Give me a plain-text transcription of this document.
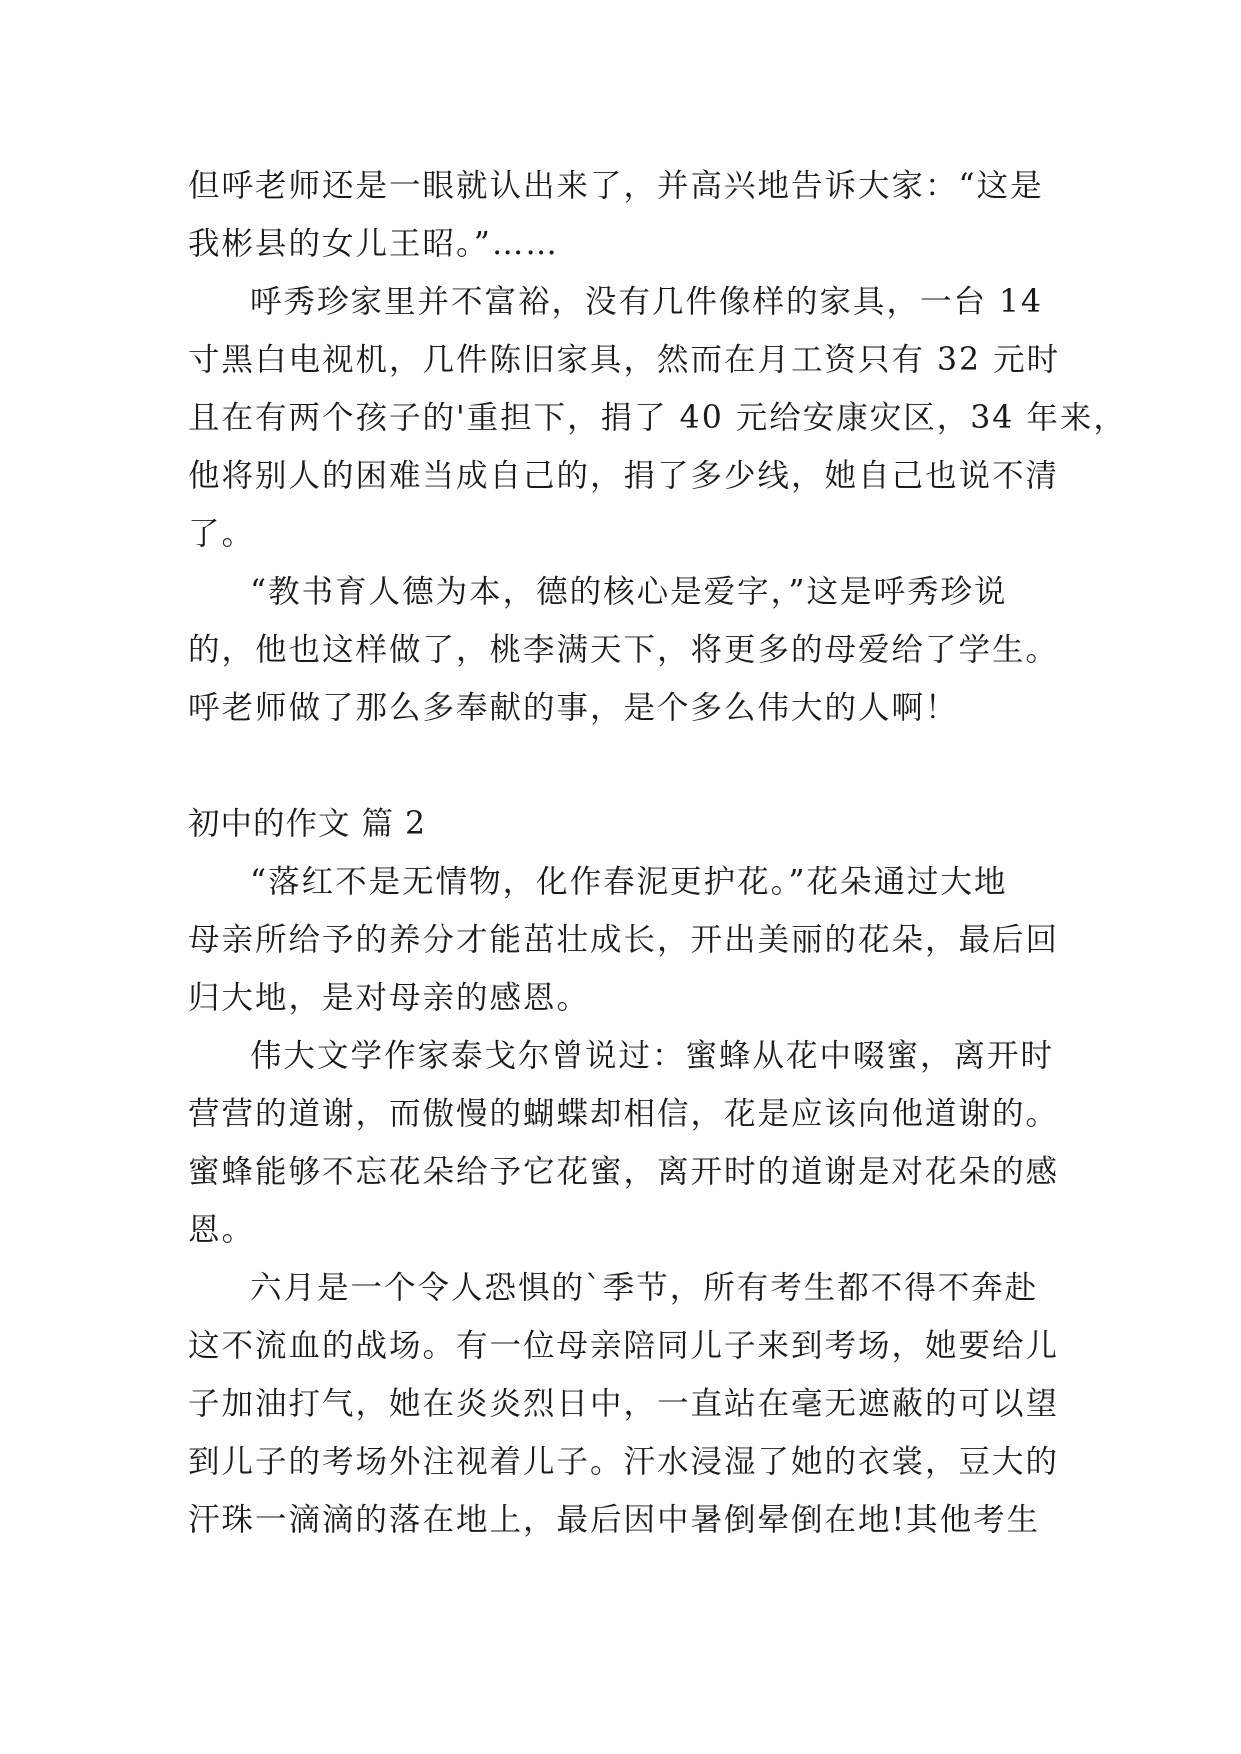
但呼老师还是一眼就认出来了，并高兴地告诉大家：“这是

我彬县的女儿王昭。”……

呼秀珍家里并不富裕，没有几件像样的家具，一台 14

寸黑白电视机，几件陈旧家具，然而在月工资只有 32 元时

且在有两个孩子的'重担下，捐了 40 元给安康灾区，34 年来，

他将别人的困难当成自己的，捐了多少线，她自己也说不清

了。

“教书育人德为本，德的核心是爱字，”这是呼秀珍说

的，他也这样做了，桃李满天下，将更多的母爱给了学生。

呼老师做了那么多奉献的事，是个多么伟大的人啊！

初中的作文 篇 2

“落红不是无情物，化作春泥更护花。”花朵通过大地

母亲所给予的养分才能茁壮成长，开出美丽的花朵，最后回

归大地，是对母亲的感恩。

伟大文学作家泰戈尔曾说过：蜜蜂从花中啜蜜，离开时

营营的道谢，而傲慢的蝴蝶却相信，花是应该向他道谢的。

蜜蜂能够不忘花朵给予它花蜜，离开时的道谢是对花朵的感

恩。

六月是一个令人恐惧的`季节，所有考生都不得不奔赴

这不流血的战场。有一位母亲陪同儿子来到考场，她要给儿

子加油打气，她在炎炎烈日中，一直站在毫无遮蔽的可以望

到儿子的考场外注视着儿子。汗水浸湿了她的衣裳，豆大的

汗珠一滴滴的落在地上，最后因中暑倒晕倒在地!其他考生
